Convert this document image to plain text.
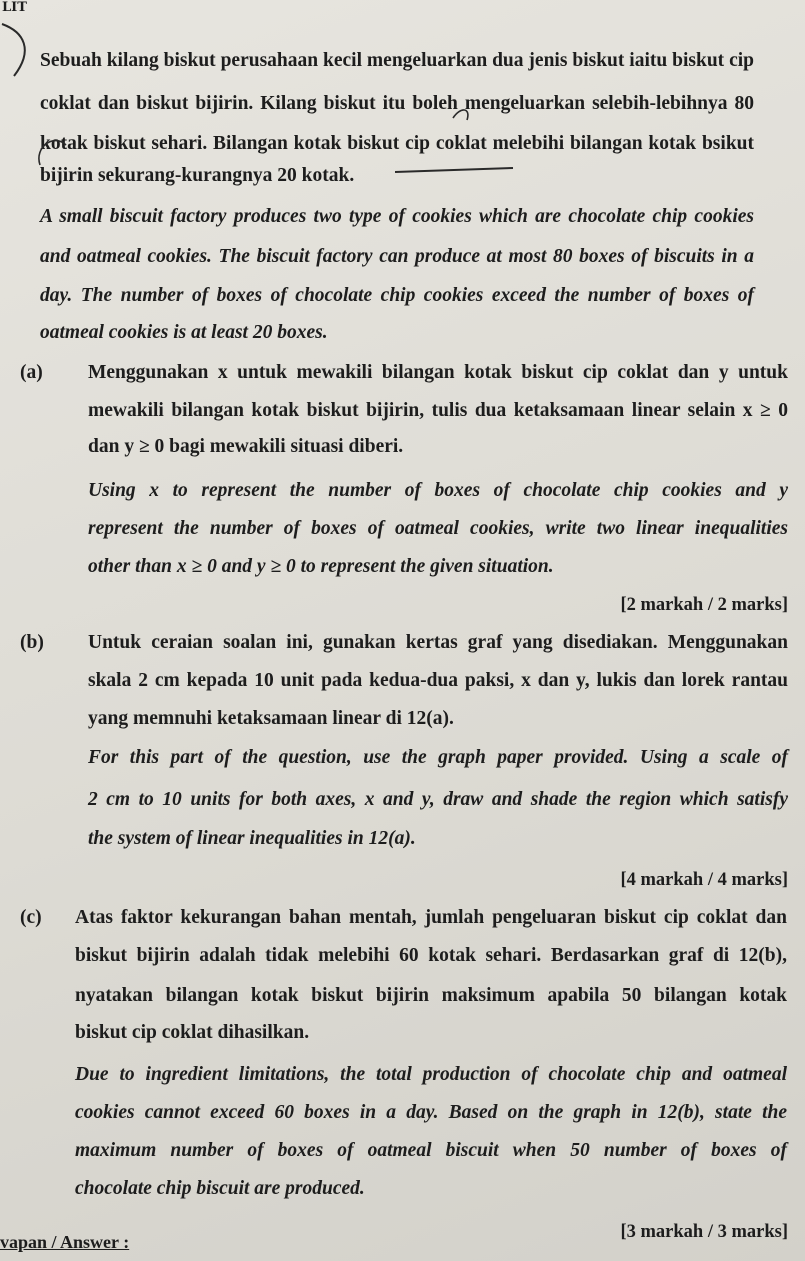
LIT

Sebuah kilang biskut perusahaan kecil mengeluarkan dua jenis biskut iaitu biskut cip

coklat dan biskut bijirin. Kilang biskut itu boleh mengeluarkan selebih-lebihnya 80

kotak biskut sehari. Bilangan kotak biskut cip coklat melebihi bilangan kotak bsikut

bijirin sekurang-kurangnya 20 kotak.

A small biscuit factory produces two type of cookies which are chocolate chip cookies

and oatmeal cookies. The biscuit factory can produce at most 80 boxes of biscuits in a

day. The number of boxes of chocolate chip cookies exceed the number of boxes of

oatmeal cookies is at least 20 boxes.

(a) Menggunakan x untuk mewakili bilangan kotak biskut cip coklat dan y untuk

mewakili bilangan kotak biskut bijirin, tulis dua ketaksamaan linear selain x ≥ 0

dan y ≥ 0 bagi mewakili situasi diberi.

Using x to represent the number of boxes of chocolate chip cookies and y

represent the number of boxes of oatmeal cookies, write two linear inequalities

other than x ≥ 0 and y ≥ 0 to represent the given situation.

[2 markah / 2 marks]

(b) Untuk ceraian soalan ini, gunakan kertas graf yang disediakan. Menggunakan

skala 2 cm kepada 10 unit pada kedua-dua paksi, x dan y, lukis dan lorek rantau

yang memnuhi ketaksamaan linear di 12(a).

For this part of the question, use the graph paper provided. Using a scale of

2 cm to 10 units for both axes, x and y, draw and shade the region which satisfy

the system of linear inequalities in 12(a).

[4 markah / 4 marks]

(c) Atas faktor kekurangan bahan mentah, jumlah pengeluaran biskut cip coklat dan

biskut bijirin adalah tidak melebihi 60 kotak sehari. Berdasarkan graf di 12(b),

nyatakan bilangan kotak biskut bijirin maksimum apabila 50 bilangan kotak

biskut cip coklat dihasilkan.

Due to ingredient limitations, the total production of chocolate chip and oatmeal

cookies cannot exceed 60 boxes in a day. Based on the graph in 12(b), state the

maximum number of boxes of oatmeal biscuit when 50 number of boxes of

chocolate chip biscuit are produced.

[3 markah / 3 marks]

vapan / Answer :
